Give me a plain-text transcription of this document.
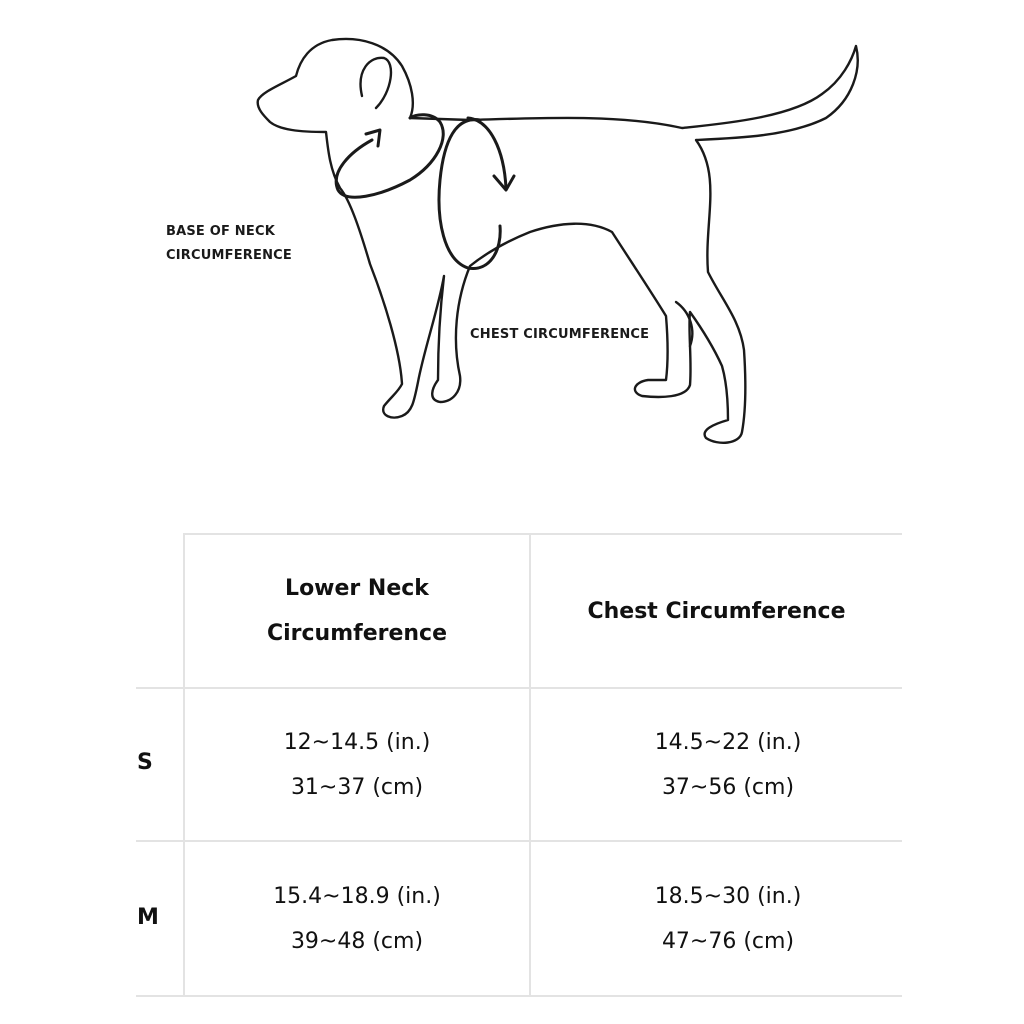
BASE OF NECK
CIRCUMFERENCE
CHEST CIRCUMFERENCE
Lower Neck
Circumference
Chest Circumference
S
12~14.5 (in.)
31~37 (cm)
14.5~22 (in.)
37~56 (cm)
M
15.4~18.9 (in.)
39~48 (cm)
18.5~30 (in.)
47~76 (cm)
